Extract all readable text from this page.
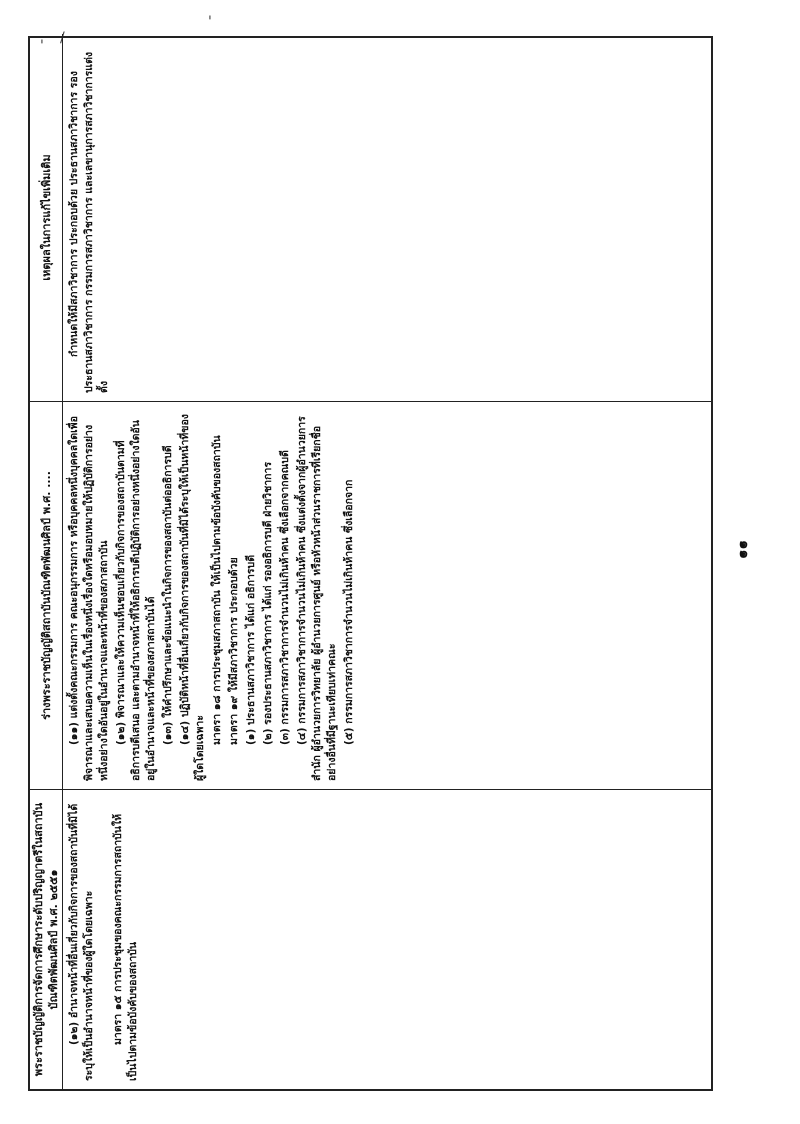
๑๑
' /
'
พระราชบัญญัติการจัดการศึกษาระดับปริญญาตรีในสถาบันบัณฑิตพัฒนศิลป์ พ.ศ. ๒๕๕๑
ร่างพระราชบัญญัติสถาบันบัณฑิตพัฒนศิลป์ พ.ศ. ....
เหตุผลในการแก้ไขเพิ่มเติม

(๑๒) อำนาจหน้าที่อื่นเกี่ยวกับกิจการของสถาบันที่มิได้ระบุให้เป็นอำนาจหน้าที่ของผู้ใดโดยเฉพาะ มาตรา ๑๕ การประชุมของคณะกรรมการสถาบันให้เป็นไปตามข้อบังคับของสถาบัน

(๑๑) แต่งตั้งคณะกรรมการ คณะอนุกรรมการ หรือบุคคลหนึ่งบุคคลใดเพื่อพิจารณาและเสนอความเห็นในเรื่องหนึ่งเรื่องใดหรือมอบหมายให้ปฏิบัติการอย่างหนึ่งอย่างใดอันอยู่ในอำนาจและหน้าที่ของสภาสถาบัน (๑๒) พิจารณาและให้ความเห็นชอบเกี่ยวกับกิจการของสถาบันตามที่อธิการบดีเสนอ และตามอำนาจหน้าที่ให้อธิการบดีปฏิบัติการอย่างหนึ่งอย่างใดอันอยู่ในอำนาจและหน้าที่ของสภาสถาบันได้ (๑๓) ให้คำปรึกษาและข้อแนะนำในกิจการของสถาบันต่ออธิการบดี (๑๔) ปฏิบัติหน้าที่อื่นเกี่ยวกับกิจการของสถาบันที่มิได้ระบุให้เป็นหน้าที่ของผู้ใดโดยเฉพาะ

มาตรา ๑๘ การประชุมสภาสถาบัน ให้เป็นไปตามข้อบังคับของสถาบัน มาตรา ๑๙ ให้มีสภาวิชาการ ประกอบด้วย (๑) ประธานสภาวิชาการ ได้แก่ อธิการบดี (๒) รองประธานสภาวิชาการ ได้แก่ รองอธิการบดี ฝ่ายวิชาการ (๓) กรรมการสภาวิชาการจำนวนไม่เกินห้าคน ซึ่งเลือกจากคณบดี (๔) กรรมการสภาวิชาการจำนวนไม่เกินห้าคน ซึ่งแต่งตั้งจากผู้อำนวยการสำนัก ผู้อำนวยการวิทยาลัย ผู้อำนวยการศูนย์ หรือหัวหน้าส่วนราชการที่เรียกชื่ออย่างอื่นที่มีฐานะเทียบเท่าคณะ (๕) กรรมการสภาวิชาการจำนวนไม่เกินห้าคน ซึ่งเลือกจาก

กำหนดให้มีสภาวิชาการ ประกอบด้วย ประธานสภาวิชาการ รองประธานสภาวิชาการ กรรมการสภาวิชาการ และเลขานุการสภาวิชาการแต่งตั้ง
